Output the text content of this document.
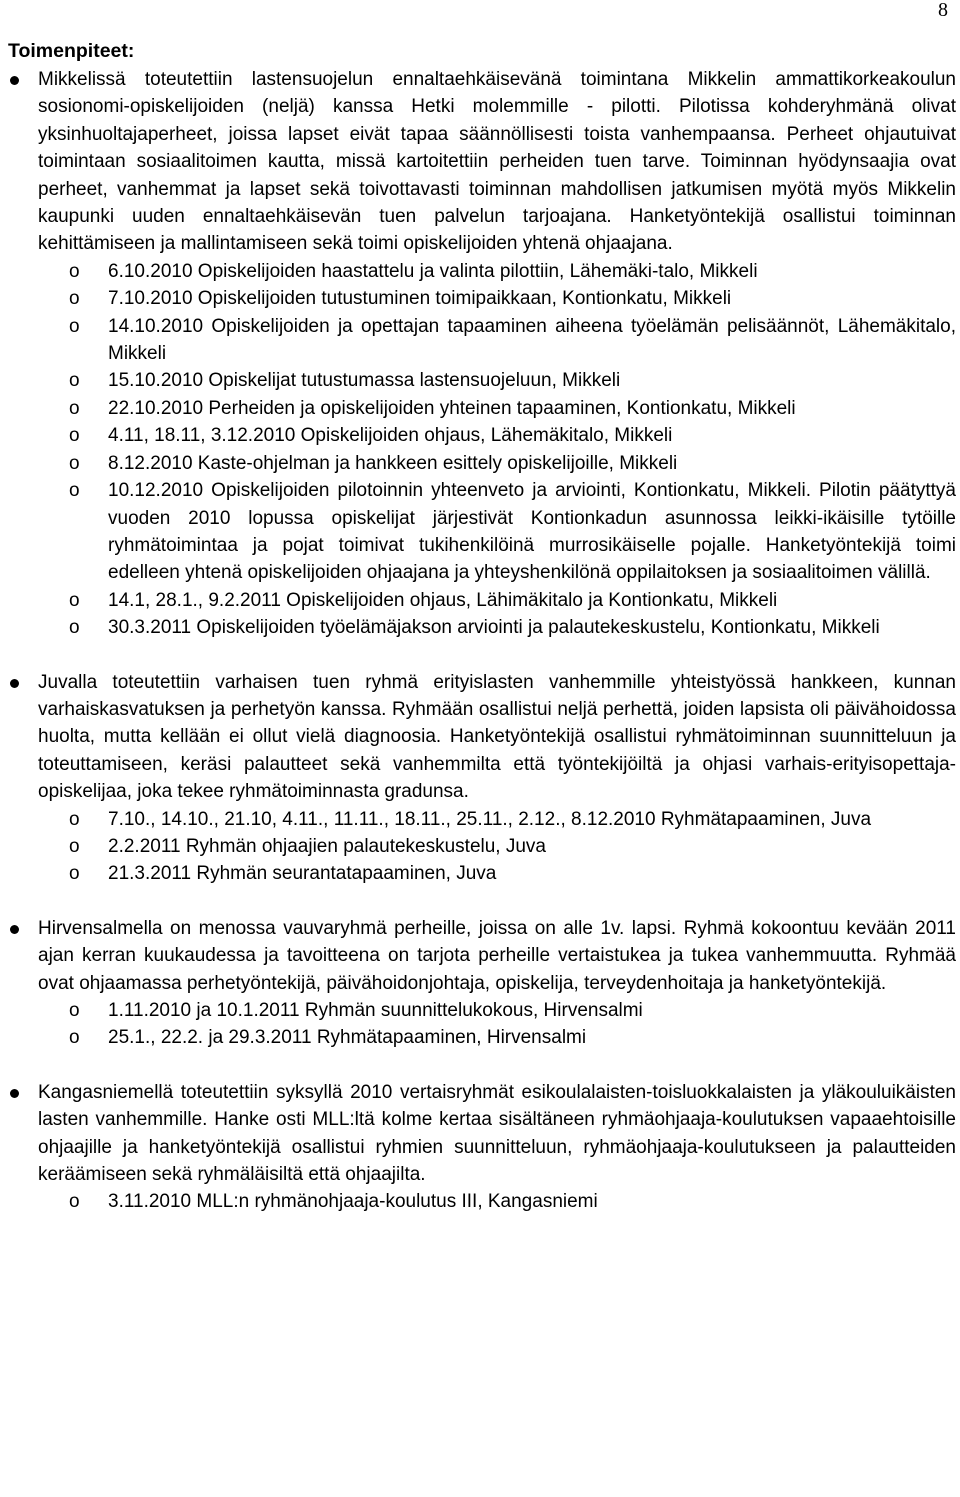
8

Toimenpiteet:

Mikkelissä toteutettiin lastensuojelun ennaltaehkäisevänä toimintana Mikkelin ammattikorkeakoulun sosionomi-opiskelijoiden (neljä) kanssa Hetki molemmille - pilotti. Pilotissa kohderyhmänä olivat yksinhuoltajaperheet, joissa lapset eivät tapaa säännöllisesti toista vanhempaansa. Perheet ohjautuivat toimintaan sosiaalitoimen kautta, missä kartoitettiin perheiden tuen tarve. Toiminnan hyödynsaajia ovat perheet, vanhemmat ja lapset sekä toivottavasti toiminnan mahdollisen jatkumisen myötä myös Mikkelin kaupunki uuden ennaltaehkäisevän tuen palvelun tarjoajana. Hanketyöntekijä osallistui toiminnan kehittämiseen ja mallintamiseen sekä toimi opiskelijoiden yhtenä ohjaajana.

o 6.10.2010 Opiskelijoiden haastattelu ja valinta pilottiin, Lähemäki-talo, Mikkeli
o 7.10.2010 Opiskelijoiden tutustuminen toimipaikkaan, Kontionkatu, Mikkeli
o 14.10.2010 Opiskelijoiden ja opettajan tapaaminen aiheena työelämän pelisäännöt, Lähemäkitalo, Mikkeli
o 15.10.2010 Opiskelijat tutustumassa lastensuojeluun, Mikkeli
o 22.10.2010 Perheiden ja opiskelijoiden yhteinen tapaaminen, Kontionkatu, Mikkeli
o 4.11, 18.11, 3.12.2010 Opiskelijoiden ohjaus, Lähemäkitalo, Mikkeli
o 8.12.2010 Kaste-ohjelman ja hankkeen esittely opiskelijoille, Mikkeli
o 10.12.2010 Opiskelijoiden pilotoinnin yhteenveto ja arviointi, Kontionkatu, Mikkeli. Pilotin päätyttyä vuoden 2010 lopussa opiskelijat järjestivät Kontionkadun asunnossa leikki-ikäisille tytöille ryhmätoimintaa ja pojat toimivat tukihenkilöinä murrosikäiselle pojalle. Hanketyöntekijä toimi edelleen yhtenä opiskelijoiden ohjaajana ja yhteyshenkilönä oppilaitoksen ja sosiaalitoimen välillä.
o 14.1, 28.1., 9.2.2011 Opiskelijoiden ohjaus, Lähimäkitalo ja Kontionkatu, Mikkeli
o 30.3.2011 Opiskelijoiden työelämäjakson arviointi ja palautekeskustelu, Kontionkatu, Mikkeli

Juvalla toteutettiin varhaisen tuen ryhmä erityislasten vanhemmille yhteistyössä hankkeen, kunnan varhaiskasvatuksen ja perhetyön kanssa. Ryhmään osallistui neljä perhettä, joiden lapsista oli päivähoidossa huolta, mutta kellään ei ollut vielä diagnoosia. Hanketyöntekijä osallistui ryhmätoiminnan suunnitteluun ja toteuttamiseen, keräsi palautteet sekä vanhemmilta että työntekijöiltä ja ohjasi varhais-erityisopettaja-opiskelijaa, joka tekee ryhmätoiminnasta gradunsa.

o 7.10., 14.10., 21.10, 4.11., 11.11., 18.11., 25.11., 2.12., 8.12.2010 Ryhmätapaaminen, Juva
o 2.2.2011 Ryhmän ohjaajien palautekeskustelu, Juva
o 21.3.2011 Ryhmän seurantatapaaminen, Juva

Hirvensalmella on menossa vauvaryhmä perheille, joissa on alle 1v. lapsi. Ryhmä kokoontuu kevään 2011 ajan kerran kuukaudessa ja tavoitteena on tarjota perheille vertaistukea ja tukea vanhemmuutta. Ryhmää ovat ohjaamassa perhetyöntekijä, päivähoidonjohtaja, opiskelija, terveydenhoitaja ja hanketyöntekijä.

o 1.11.2010 ja 10.1.2011 Ryhmän suunnittelukokous, Hirvensalmi
o 25.1., 22.2. ja 29.3.2011 Ryhmätapaaminen, Hirvensalmi

Kangasniemellä toteutettiin syksyllä 2010 vertaisryhmät esikoulalaisten-toisluokkalaisten ja yläkouluikäisten lasten vanhemmille. Hanke osti MLL:ltä kolme kertaa sisältäneen ryhmäohjaaja-koulutuksen vapaaehtoisille ohjaajille ja hanketyöntekijä osallistui ryhmien suunnitteluun, ryhmäohjaaja-koulutukseen ja palautteiden keräämiseen sekä ryhmäläisiltä että ohjaajilta.

o 3.11.2010 MLL:n ryhmänohjaaja-koulutus III, Kangasniemi
